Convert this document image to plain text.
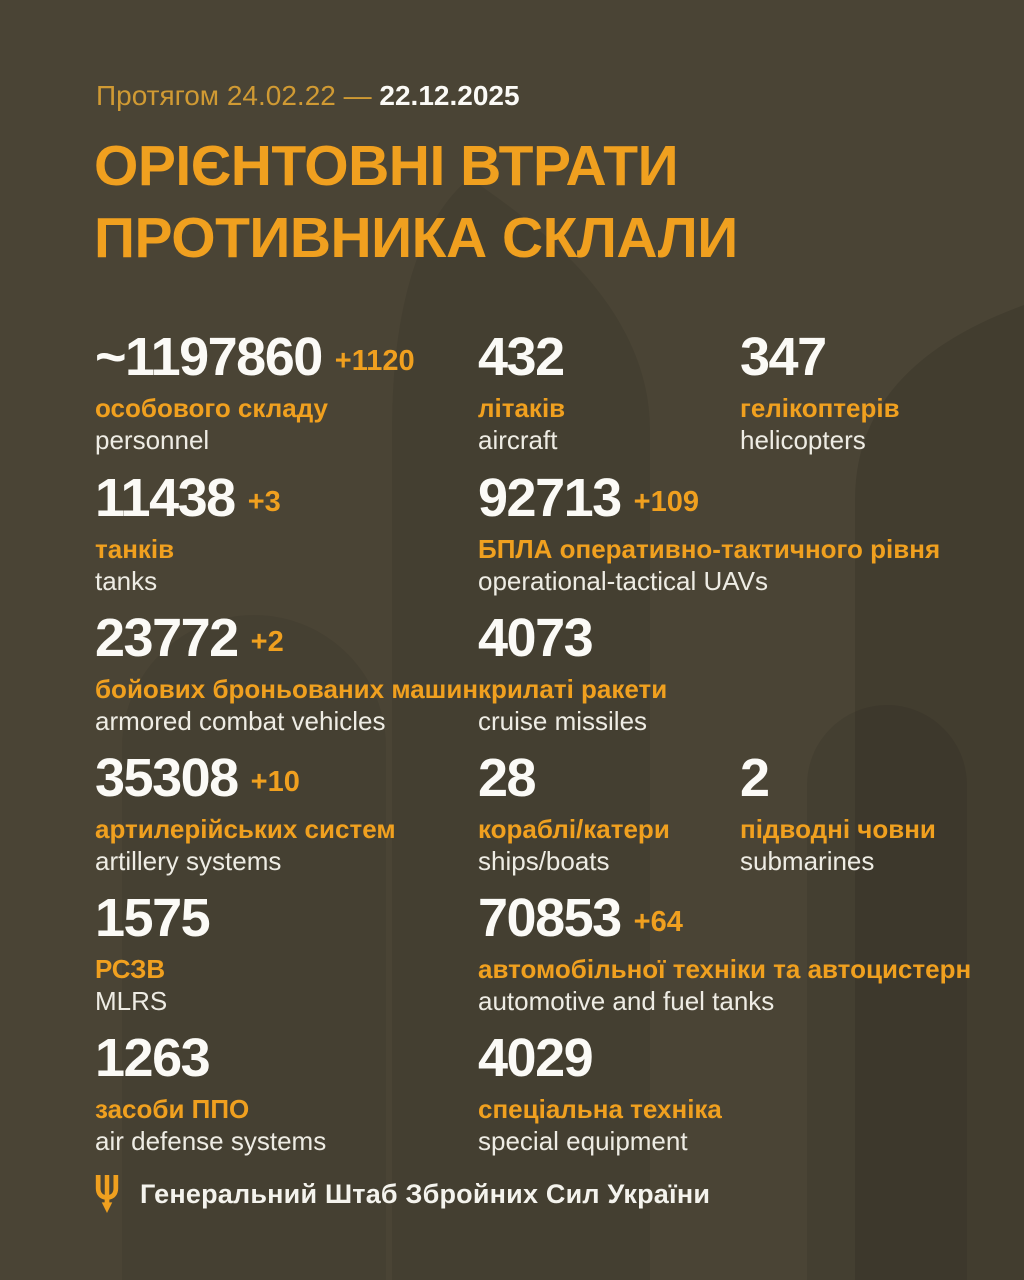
Протягом 24.02.22 — 22.12.2025
ОРІЄНТОВНІ ВТРАТИ
ПРОТИВНИКА СКЛАЛИ
~1197860 +1120
особового складу
personnel
432
літаків
aircraft
347
гелікоптерів
helicopters
11438 +3
танків
tanks
92713 +109
БПЛА оперативно-тактичного рівня
operational-tactical UAVs
23772 +2
бойових броньованих машин
armored combat vehicles
4073
крилаті ракети
cruise missiles
35308 +10
артилерійських систем
artillery systems
28
кораблі/катери
ships/boats
2
підводні човни
submarines
1575
РСЗВ
MLRS
70853 +64
автомобільної техніки та автоцистерн
automotive and fuel tanks
1263
засоби ППО
air defense systems
4029
спеціальна техніка
special equipment
Генеральний Штаб Збройних Сил України
